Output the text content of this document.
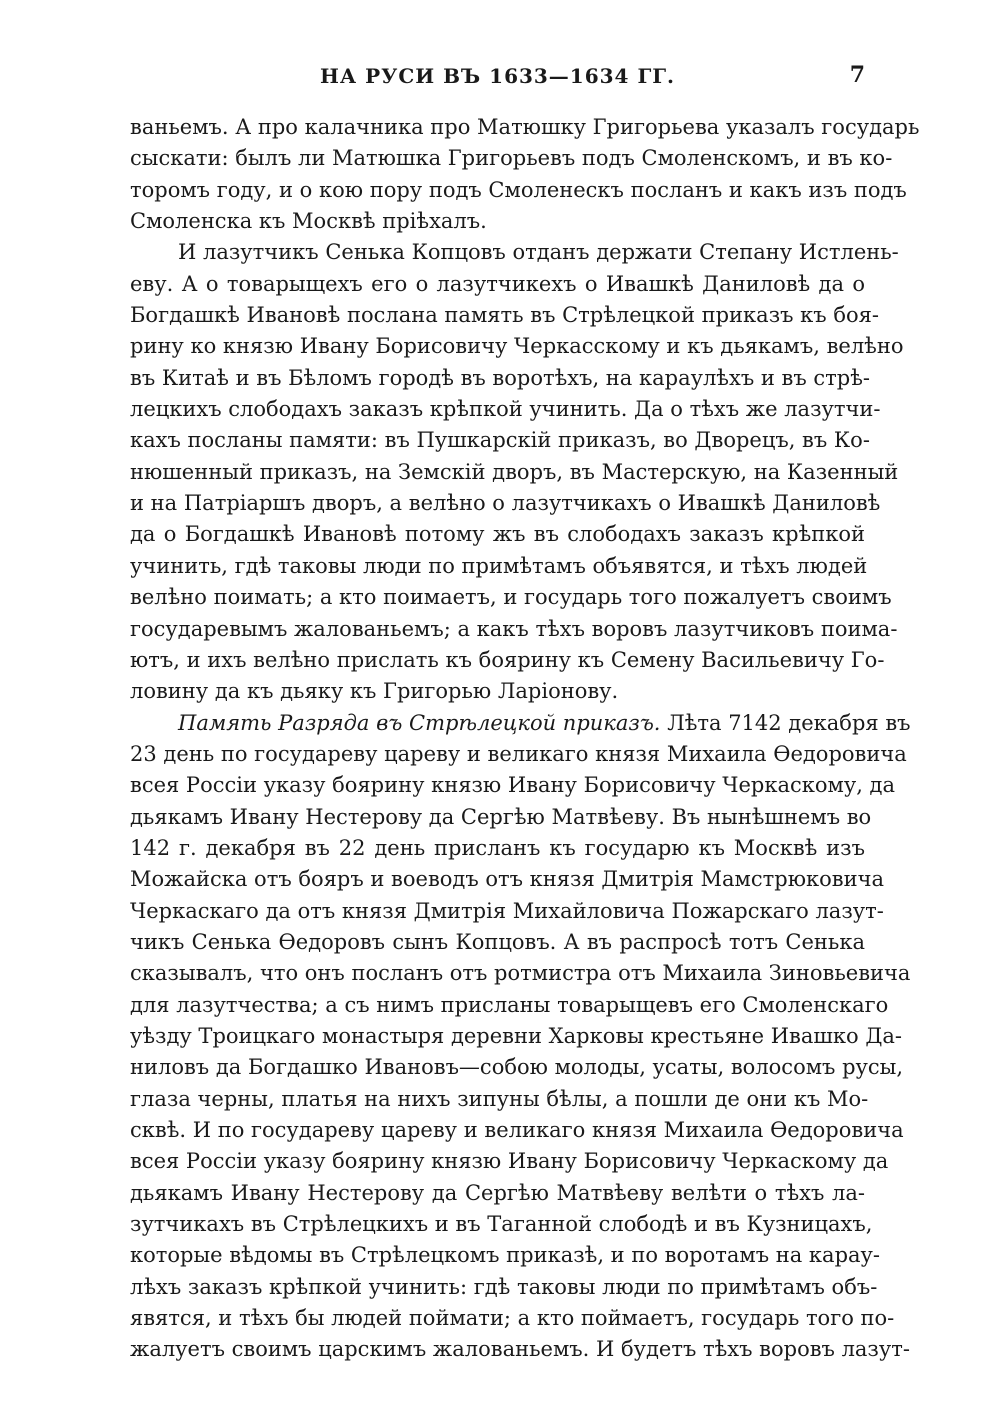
НА РУСИ ВЪ 1633—1634 ГГ.	7
ваньемъ. А про калачника про Матюшку Григорьева указалъ государь
сыскати: былъ ли Матюшка Григорьевъ подъ Смоленскомъ, и въ ко-
торомъ году, и о кою пору подъ Смоленескъ посланъ и какъ изъ подъ
Смоленска къ Москвѣ пріѣхалъ.
И лазутчикъ Сенька Копцовъ отданъ держати Степану Истлень-
еву. А о товарыщехъ его о лазутчикехъ о Ивашкѣ Даниловѣ да о
Богдашкѣ Ивановѣ послана память въ Стрѣлецкой приказъ къ боя-
рину ко князю Ивану Борисовичу Черкасскому и къ дьякамъ, велѣно
въ Китаѣ и въ Бѣломъ городѣ въ воротѣхъ, на караулѣхъ и въ стрѣ-
лецкихъ слободахъ заказъ крѣпкой учинить. Да о тѣхъ же лазутчи-
кахъ посланы памяти: въ Пушкарскій приказъ, во Дворецъ, въ Ко-
нюшенный приказъ, на Земскій дворъ, въ Мастерскую, на Казенный
и на Патріаршъ дворъ, а велѣно о лазутчикахъ о Ивашкѣ Даниловѣ
да о Богдашкѣ Ивановѣ потому жъ въ слободахъ заказъ крѣпкой
учинить, гдѣ таковы люди по примѣтамъ объявятся, и тѣхъ людей
велѣно поимать; а кто поимаетъ, и государь того пожалуетъ своимъ
государевымъ жалованьемъ; а какъ тѣхъ воровъ лазутчиковъ поима-
ютъ, и ихъ велѣно прислать къ боярину къ Семену Васильевичу Го-
ловину да къ дьяку къ Григорью Ларіонову.
Память Разряда въ Стрѣлецкой приказъ. Лѣта 7142 декабря въ
23 день по государеву цареву и великаго князя Михаила Ѳедоровича
всея Россіи указу боярину князю Ивану Борисовичу Черкаскому, да
дьякамъ Ивану Нестерову да Сергѣю Матвѣеву. Въ нынѣшнемъ во
142 г. декабря въ 22 день присланъ къ государю къ Москвѣ изъ
Можайска отъ бояръ и воеводъ отъ князя Дмитрія Мамстрюковича
Черкаскаго да отъ князя Дмитрія Михайловича Пожарскаго лазут-
чикъ Сенька Ѳедоровъ сынъ Копцовъ. А въ распросѣ тотъ Сенька
сказывалъ, что онъ посланъ отъ ротмистра отъ Михаила Зиновьевича
для лазутчества; а съ нимъ присланы товарыщевъ его Смоленскаго
уѣзду Троицкаго монастыря деревни Харковы крестьяне Ивашко Да-
ниловъ да Богдашко Ивановъ—собою молоды, усаты, волосомъ русы,
глаза черны, платья на нихъ зипуны бѣлы, а пошли де они къ Мо-
сквѣ. И по государеву цареву и великаго князя Михаила Ѳедоровича
всея Россіи указу боярину князю Ивану Борисовичу Черкаскому да
дьякамъ Ивану Нестерову да Сергѣю Матвѣеву велѣти о тѣхъ ла-
зутчикахъ въ Стрѣлецкихъ и въ Таганной слободѣ и въ Кузницахъ,
которые вѣдомы въ Стрѣлецкомъ приказѣ, и по воротамъ на карау-
лѣхъ заказъ крѣпкой учинить: гдѣ таковы люди по примѣтамъ объ-
явятся, и тѣхъ бы людей поймати; а кто поймаетъ, государь того по-
жалуетъ своимъ царскимъ жалованьемъ. И будетъ тѣхъ воровъ лазут-
